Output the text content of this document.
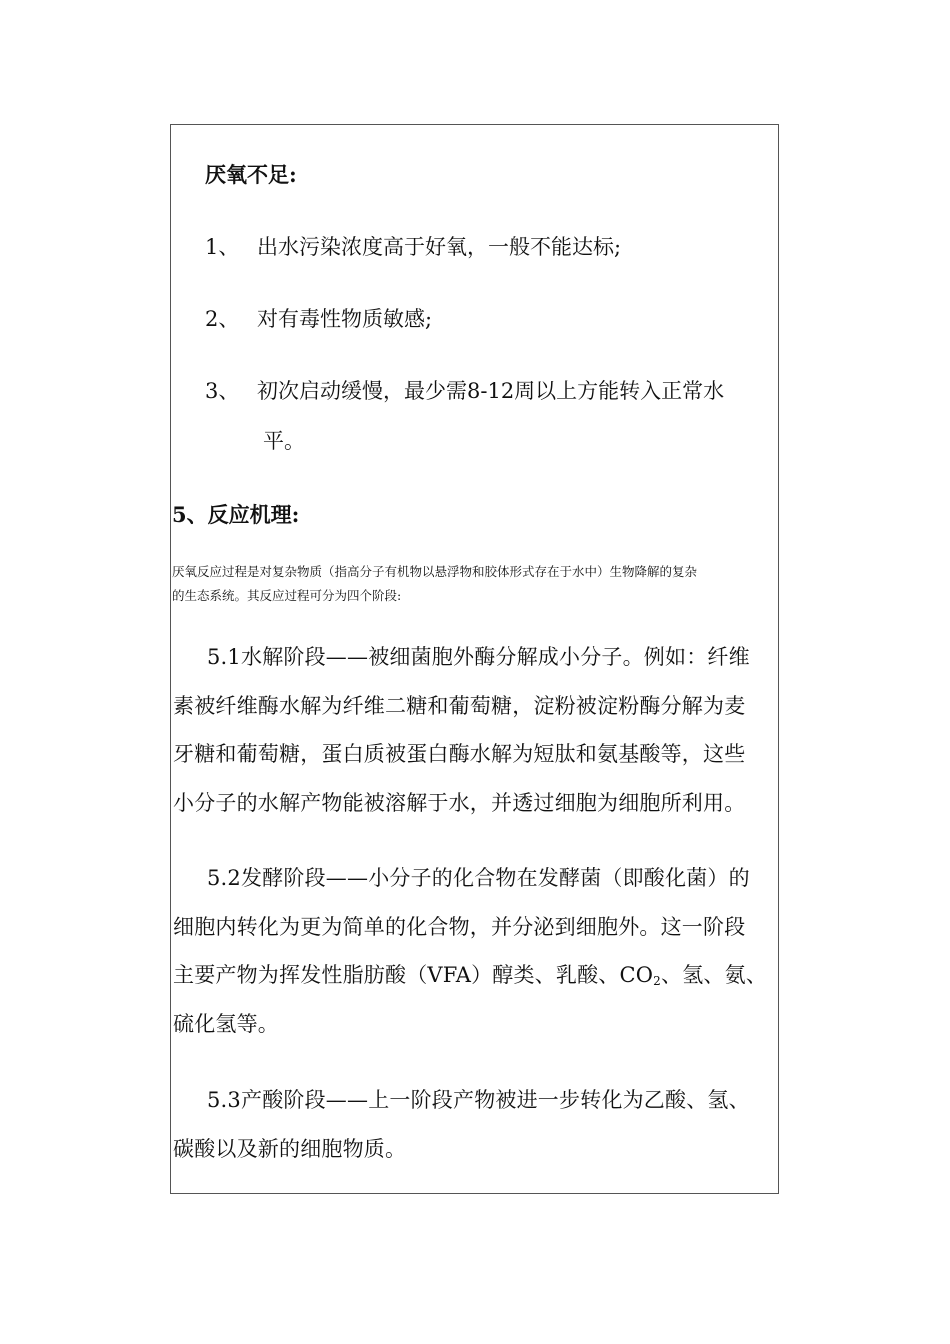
厌氧不足:
1、 出水污染浓度高于好氧，一般不能达标;
2、 对有毒性物质敏感;
3、 初次启动缓慢，最少需8-12周以上方能转入正常水
平。
5、反应机理:
厌氧反应过程是对复杂物质（指高分子有机物以悬浮物和胶体形式存在于水中）生物降解的复杂
的生态系统。其反应过程可分为四个阶段:
5.1水解阶段——被细菌胞外酶分解成小分子。例如：纤维
素被纤维酶水解为纤维二糖和葡萄糖，淀粉被淀粉酶分解为麦
牙糖和葡萄糖，蛋白质被蛋白酶水解为短肽和氨基酸等，这些
小分子的水解产物能被溶解于水，并透过细胞为细胞所利用。
5.2发酵阶段——小分子的化合物在发酵菌（即酸化菌）的
细胞内转化为更为简单的化合物，并分泌到细胞外。这一阶段
主要产物为挥发性脂肪酸（VFA）醇类、乳酸、$CO_2$、氢、氨、
硫化氢等。
5.3产酸阶段——上一阶段产物被进一步转化为乙酸、氢、
碳酸以及新的细胞物质。
